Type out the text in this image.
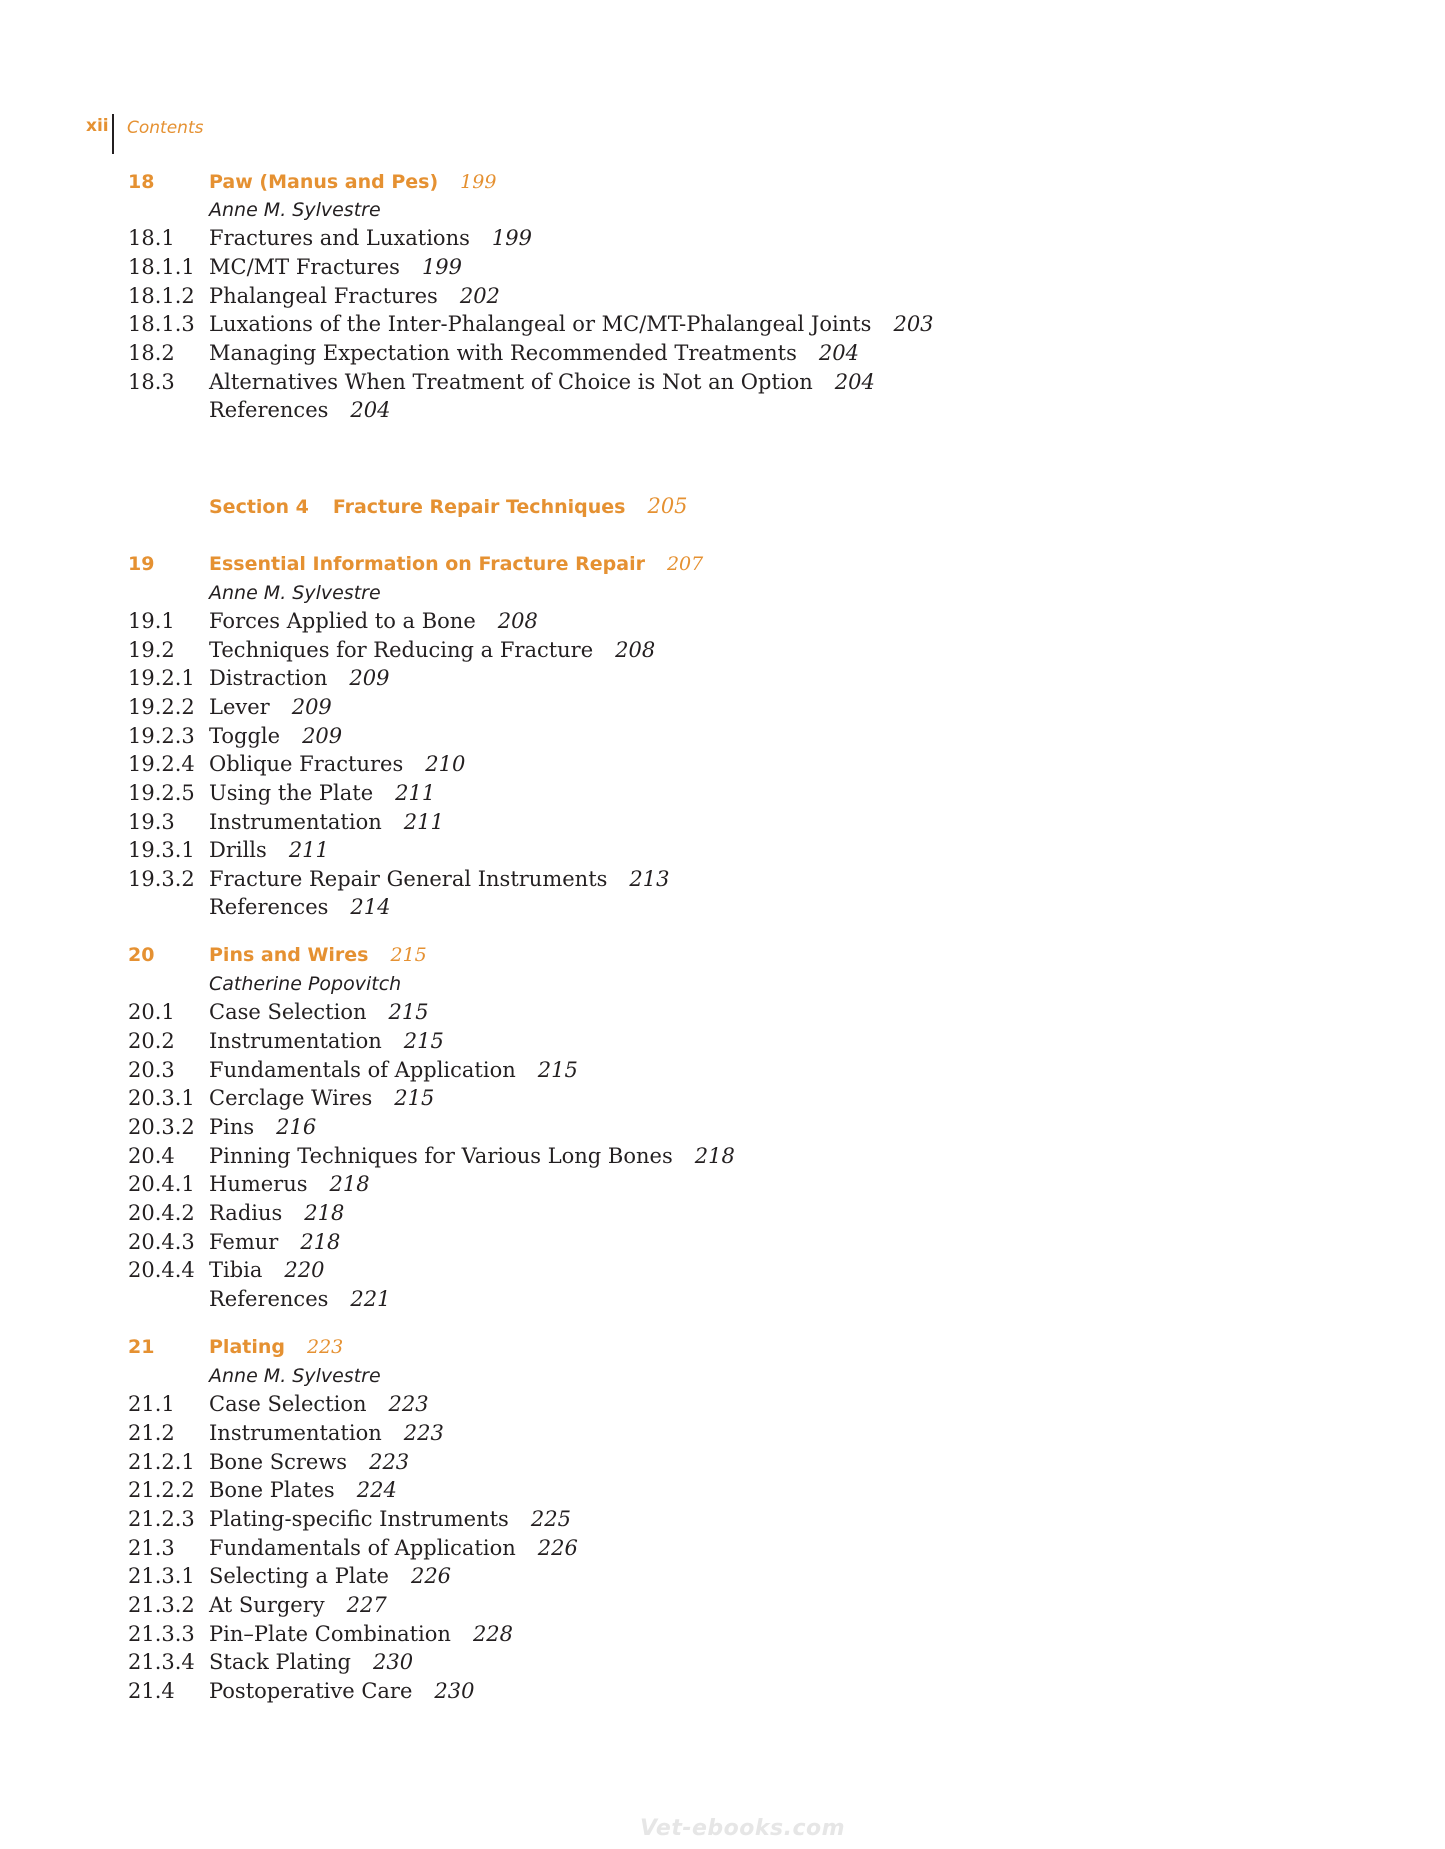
xii Contents
18	Paw (Manus and Pes) 199
Anne M. Sylvestre
18.1 Fractures and Luxations 199
18.1.1 MC/MT Fractures 199
18.1.2 Phalangeal Fractures 202
18.1.3 Luxations of the Inter-Phalangeal or MC/MT-Phalangeal Joints 203
18.2 Managing Expectation with Recommended Treatments 204
18.3 Alternatives When Treatment of Choice is Not an Option 204
References 204
Section 4 Fracture Repair Techniques 205
19	Essential Information on Fracture Repair 207
Anne M. Sylvestre
19.1 Forces Applied to a Bone 208
19.2 Techniques for Reducing a Fracture 208
19.2.1 Distraction 209
19.2.2 Lever 209
19.2.3 Toggle 209
19.2.4 Oblique Fractures 210
19.2.5 Using the Plate 211
19.3 Instrumentation 211
19.3.1 Drills 211
19.3.2 Fracture Repair General Instruments 213
References 214
20	Pins and Wires 215
Catherine Popovitch
20.1 Case Selection 215
20.2 Instrumentation 215
20.3 Fundamentals of Application 215
20.3.1 Cerclage Wires 215
20.3.2 Pins 216
20.4 Pinning Techniques for Various Long Bones 218
20.4.1 Humerus 218
20.4.2 Radius 218
20.4.3 Femur 218
20.4.4 Tibia 220
References 221
21	Plating 223
Anne M. Sylvestre
21.1 Case Selection 223
21.2 Instrumentation 223
21.2.1 Bone Screws 223
21.2.2 Bone Plates 224
21.2.3 Plating-specific Instruments 225
21.3 Fundamentals of Application 226
21.3.1 Selecting a Plate 226
21.3.2 At Surgery 227
21.3.3 Pin–Plate Combination 228
21.3.4 Stack Plating 230
21.4 Postoperative Care 230
Vet-ebooks.com
